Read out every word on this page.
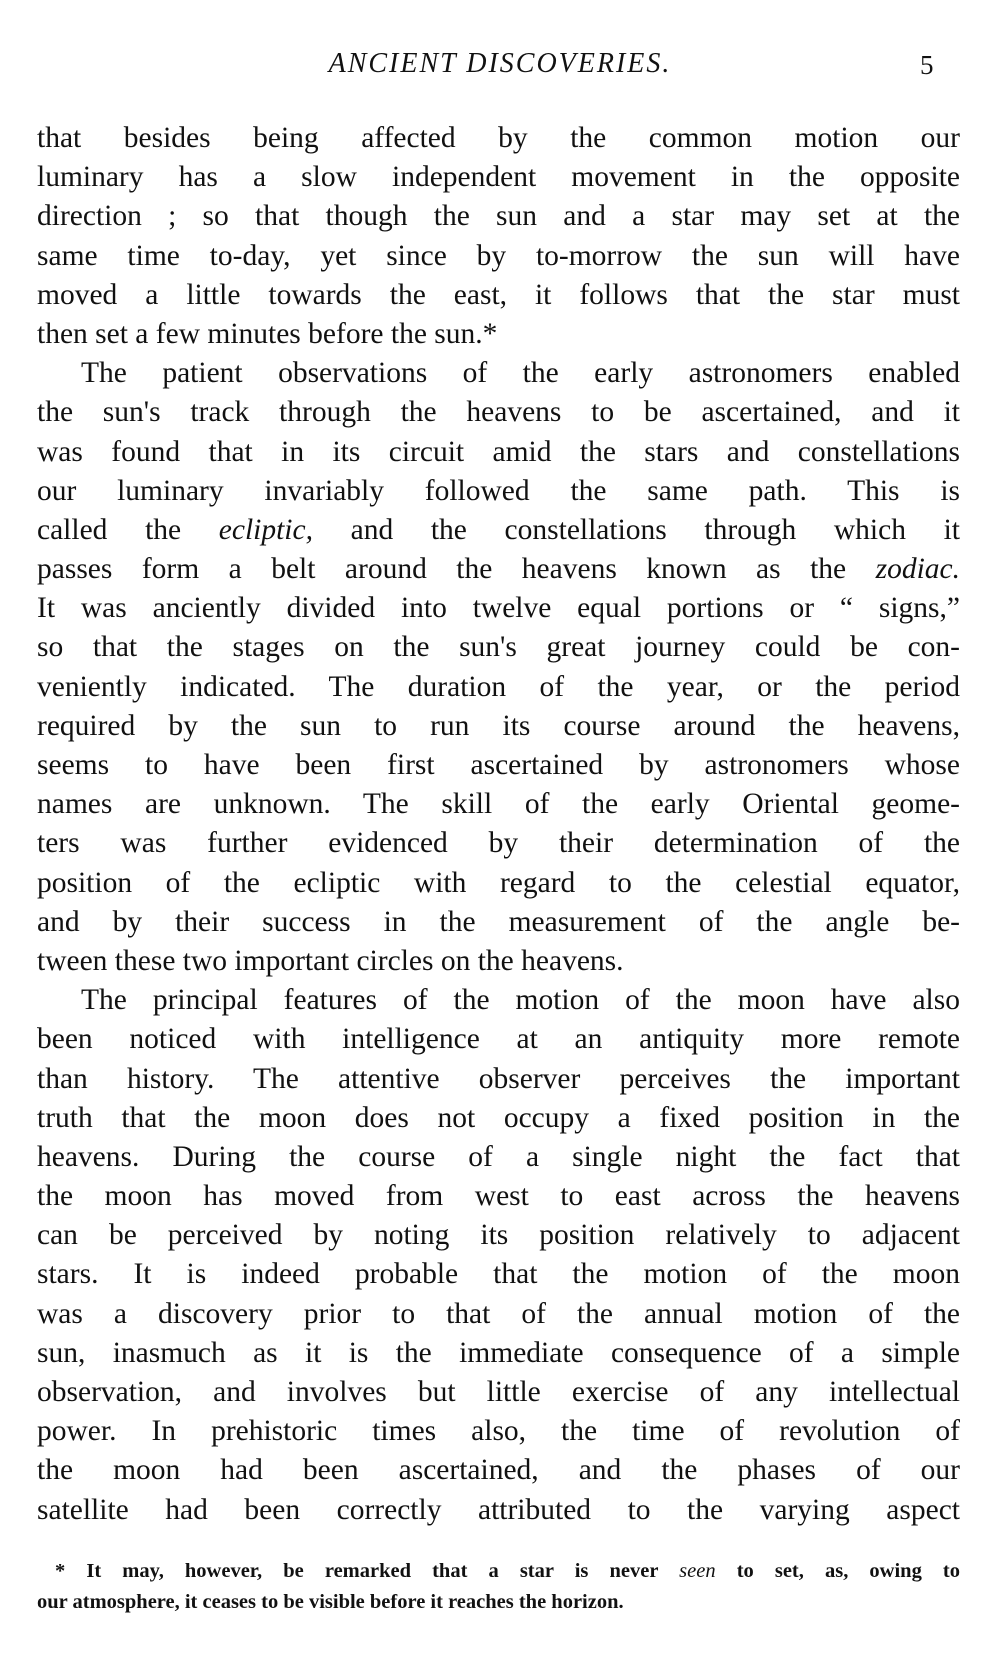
ANCIENT DISCOVERIES.	5
that besides being affected by the common motion our
luminary has a slow independent movement in the opposite
direction ; so that though the sun and a star may set at the
same time to-day, yet since by to-morrow the sun will have
moved a little towards the east, it follows that the star must
then set a few minutes before the sun.*
The patient observations of the early astronomers enabled
the sun's track through the heavens to be ascertained, and it
was found that in its circuit amid the stars and constellations
our luminary invariably followed the same path. This is
called the ecliptic, and the constellations through which it
passes form a belt around the heavens known as the zodiac.
It was anciently divided into twelve equal portions or “ signs,”
so that the stages on the sun's great journey could be con-
veniently indicated. The duration of the year, or the period
required by the sun to run its course around the heavens,
seems to have been first ascertained by astronomers whose
names are unknown. The skill of the early Oriental geome-
ters was further evidenced by their determination of the
position of the ecliptic with regard to the celestial equator,
and by their success in the measurement of the angle be-
tween these two important circles on the heavens.
The principal features of the motion of the moon have also
been noticed with intelligence at an antiquity more remote
than history. The attentive observer perceives the important
truth that the moon does not occupy a fixed position in the
heavens. During the course of a single night the fact that
the moon has moved from west to east across the heavens
can be perceived by noting its position relatively to adjacent
stars. It is indeed probable that the motion of the moon
was a discovery prior to that of the annual motion of the
sun, inasmuch as it is the immediate consequence of a simple
observation, and involves but little exercise of any intellectual
power. In prehistoric times also, the time of revolution of
the moon had been ascertained, and the phases of our
satellite had been correctly attributed to the varying aspect
* It may, however, be remarked that a star is never seen to set, as, owing to
our atmosphere, it ceases to be visible before it reaches the horizon.
